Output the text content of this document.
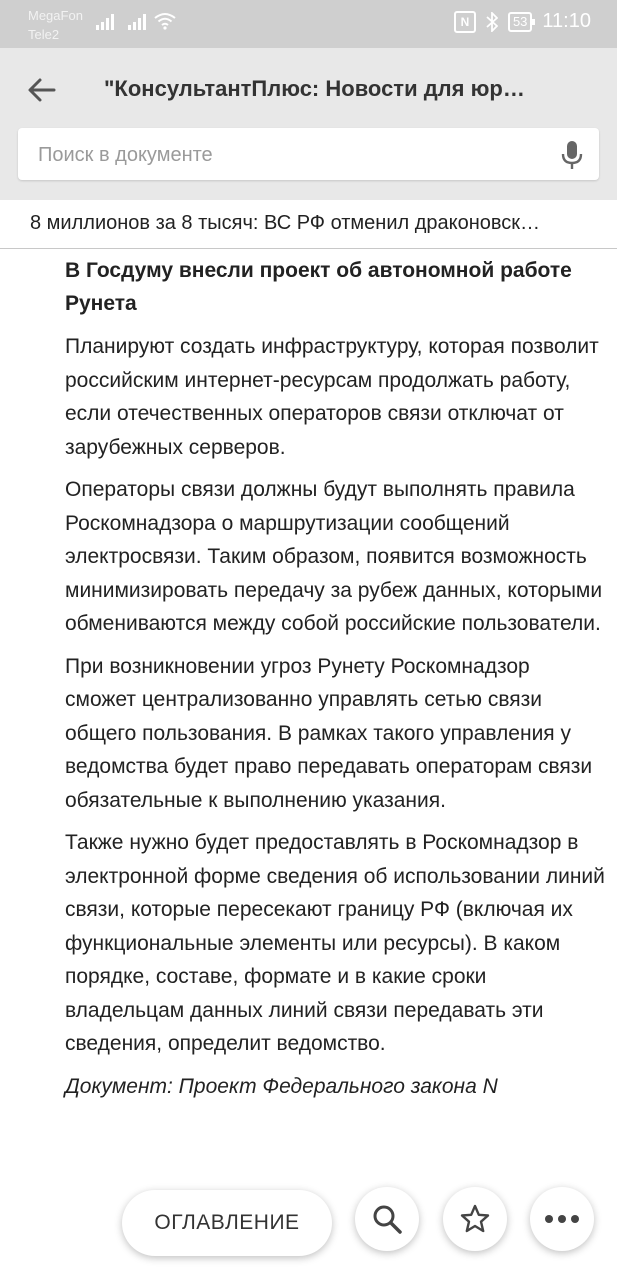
MegaFon
Tele2
N	53 11:10
"КонсультантПлюс: Новости для юр…
Поиск в документе
8 миллионов за 8 тысяч: ВС РФ отменил драконовск…
В Госдуму внесли проект об автономной работе Рунета

Планируют создать инфраструктуру, которая позволит российским интернет-ресурсам продолжать работу, если отечественных операторов связи отключат от зарубежных серверов.

Операторы связи должны будут выполнять правила Роскомнадзора о маршрутизации сообщений электросвязи. Таким образом, появится возможность минимизировать передачу за рубеж данных, которыми обмениваются между собой российские пользователи.

При возникновении угроз Рунету Роскомнадзор сможет централизованно управлять сетью связи общего пользования. В рамках такого управления у ведомства будет право передавать операторам связи обязательные к выполнению указания.

Также нужно будет предоставлять в Роскомнадзор в электронной форме сведения об использовании линий связи, которые пересекают границу РФ (включая их функциональные элементы или ресурсы). В каком порядке, составе, формате и в какие сроки владельцам данных линий связи передавать эти сведения, определит ведомство.

Документ: Проект Федерального закона N

ОГЛАВЛЕНИЕ
